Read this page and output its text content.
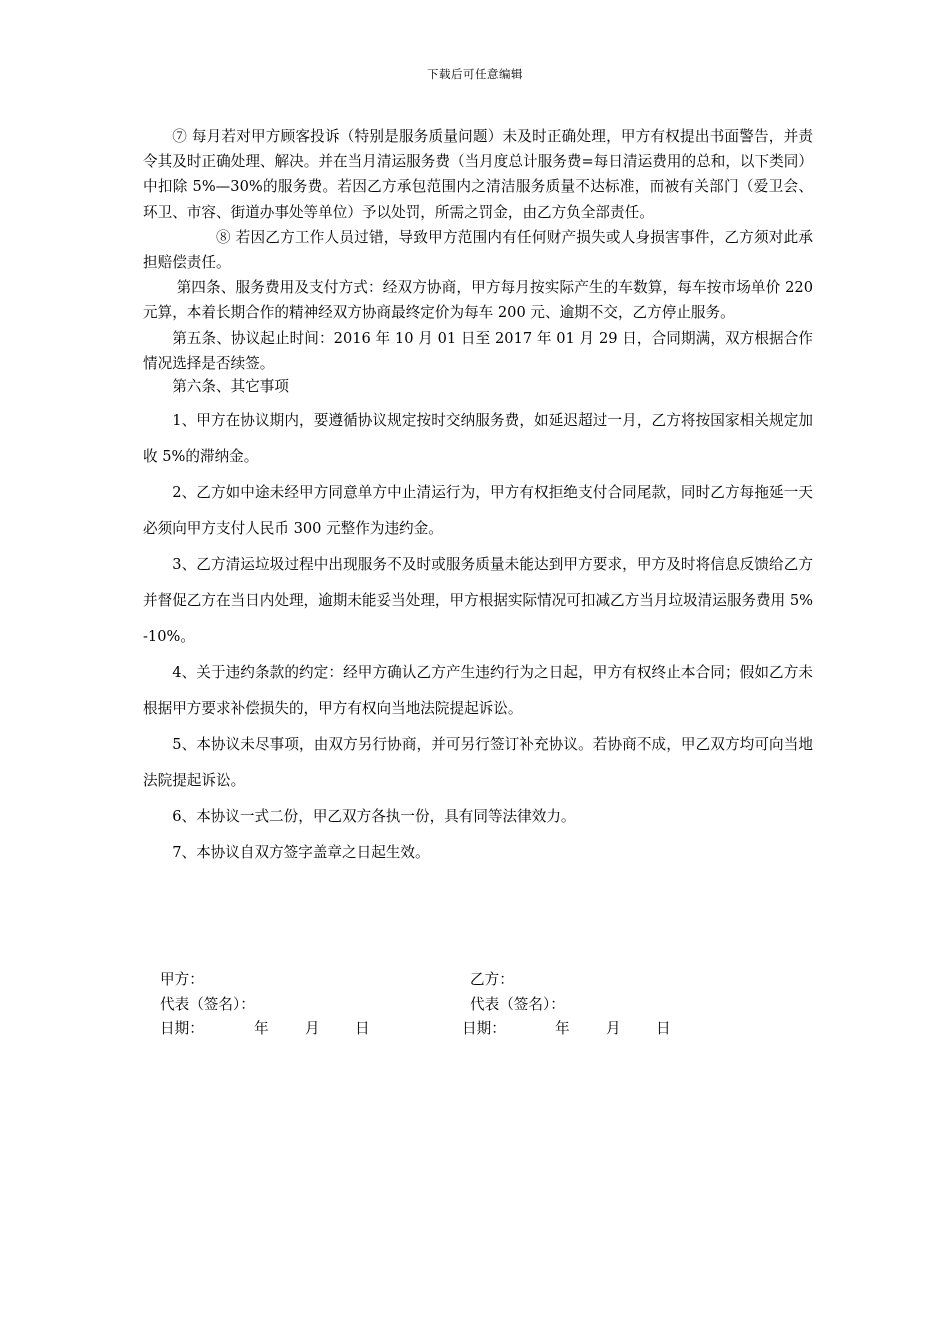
下载后可任意编辑

⑦ 每月若对甲方顾客投诉（特别是服务质量问题）未及时正确处理，甲方有权提出书面警告，并责令其及时正确处理、解决。并在当月清运服务费（当月度总计服务费=每日清运费用的总和，以下类同）中扣除 5%—30%的服务费。若因乙方承包范围内之清洁服务质量不达标准，而被有关部门（爱卫会、环卫、市容、街道办事处等单位）予以处罚，所需之罚金，由乙方负全部责任。

⑧ 若因乙方工作人员过错，导致甲方范围内有任何财产损失或人身损害事件，乙方须对此承担赔偿责任。

第四条、服务费用及支付方式：经双方协商，甲方每月按实际产生的车数算，每车按市场单价 220 元算，本着长期合作的精神经双方协商最终定价为每车 200 元、逾期不交，乙方停止服务。

第五条、协议起止时间：2016 年 10 月 01 日至 2017 年 01 月 29 日，合同期满，双方根据合作情况选择是否续签。

第六条、其它事项

1、甲方在协议期内，要遵循协议规定按时交纳服务费，如延迟超过一月，乙方将按国家相关规定加收 5%的滞纳金。

2、乙方如中途未经甲方同意单方中止清运行为，甲方有权拒绝支付合同尾款，同时乙方每拖延一天必须向甲方支付人民币 300 元整作为违约金。

3、乙方清运垃圾过程中出现服务不及时或服务质量未能达到甲方要求，甲方及时将信息反馈给乙方并督促乙方在当日内处理，逾期未能妥当处理，甲方根据实际情况可扣减乙方当月垃圾清运服务费用 5%-10%。

4、关于违约条款的约定：经甲方确认乙方产生违约行为之日起，甲方有权终止本合同；假如乙方未根据甲方要求补偿损失的，甲方有权向当地法院提起诉讼。

5、本协议未尽事项，由双方另行协商，并可另行签订补充协议。若协商不成，甲乙双方均可向当地法院提起诉讼。

6、本协议一式二份，甲乙双方各执一份，具有同等法律效力。

7、本协议自双方签字盖章之日起生效。

甲方：	乙方：
代表（签名）：	代表（签名）：
日期：	年 月 日	日期：	年 月 日
